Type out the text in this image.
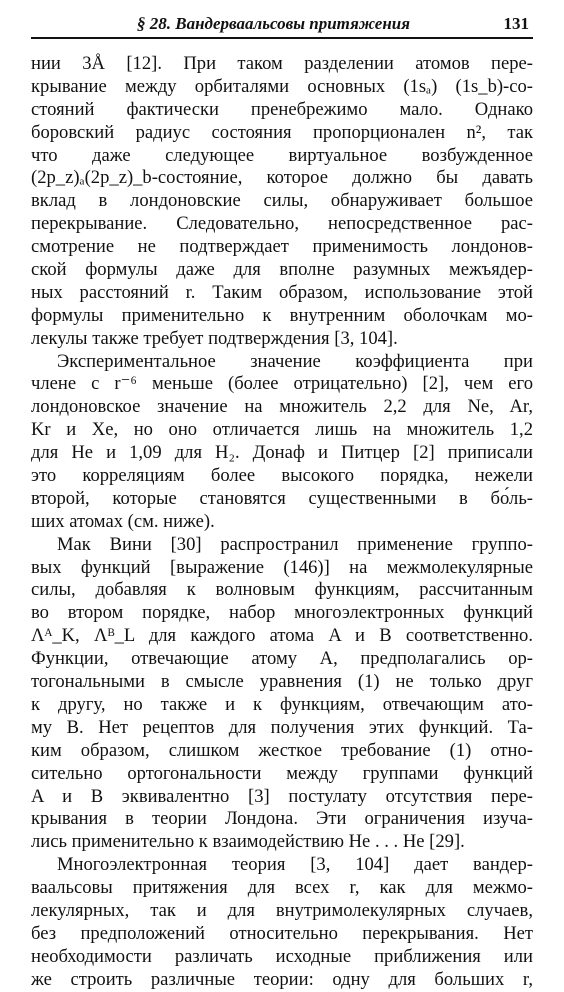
§ 28. Вандерваальсовы притяжения	131
нии 3Å [12]. При таком разделении атомов пере-
крывание между орбиталями основных (1sₐ) (1s_b)-со-
стояний фактически пренебрежимо мало. Однако
боровский радиус состояния пропорционален n², так
что даже следующее виртуальное возбужденное
(2p_z)ₐ(2p_z)_b-состояние, которое должно бы давать
вклад в лондоновские силы, обнаруживает большое
перекрывание. Следовательно, непосредственное рас-
смотрение не подтверждает применимость лондонов-
ской формулы даже для вполне разумных межъядер-
ных расстояний r. Таким образом, использование этой
формулы применительно к внутренним оболочкам мо-
лекулы также требует подтверждения [3, 104].
Экспериментальное значение коэффициента при
члене с r⁻⁶ меньше (более отрицательно) [2], чем его
лондоновское значение на множитель 2,2 для Ne, Ar,
Kr и Xe, но оно отличается лишь на множитель 1,2
для He и 1,09 для H₂. Донаф и Питцер [2] приписали
это корреляциям более высокого порядка, нежели
второй, которые становятся существенными в бо́ль-
ших атомах (см. ниже).
Мак Вини [30] распространил применение группо-
вых функций [выражение (146)] на межмолекулярные
силы, добавляя к волновым функциям, рассчитанным
во втором порядке, набор многоэлектронных функций
Λᴬ_K, Λᴮ_L для каждого атома A и B соответственно.
Функции, отвечающие атому A, предполагались ор-
тогональными в смысле уравнения (1) не только друг
к другу, но также и к функциям, отвечающим ато-
му B. Нет рецептов для получения этих функций. Та-
ким образом, слишком жесткое требование (1) отно-
сительно ортогональности между группами функций
A и B эквивалентно [3] постулату отсутствия пере-
крывания в теории Лондона. Эти ограничения изуча-
лись применительно к взаимодействию He . . . He [29].
Многоэлектронная теория [3, 104] дает вандер-
ваальсовы притяжения для всех r, как для межмо-
лекулярных, так и для внутримолекулярных случаев,
без предположений относительно перекрывания. Нет
необходимости различать исходные приближения или
же строить различные теории: одну для больших r,
